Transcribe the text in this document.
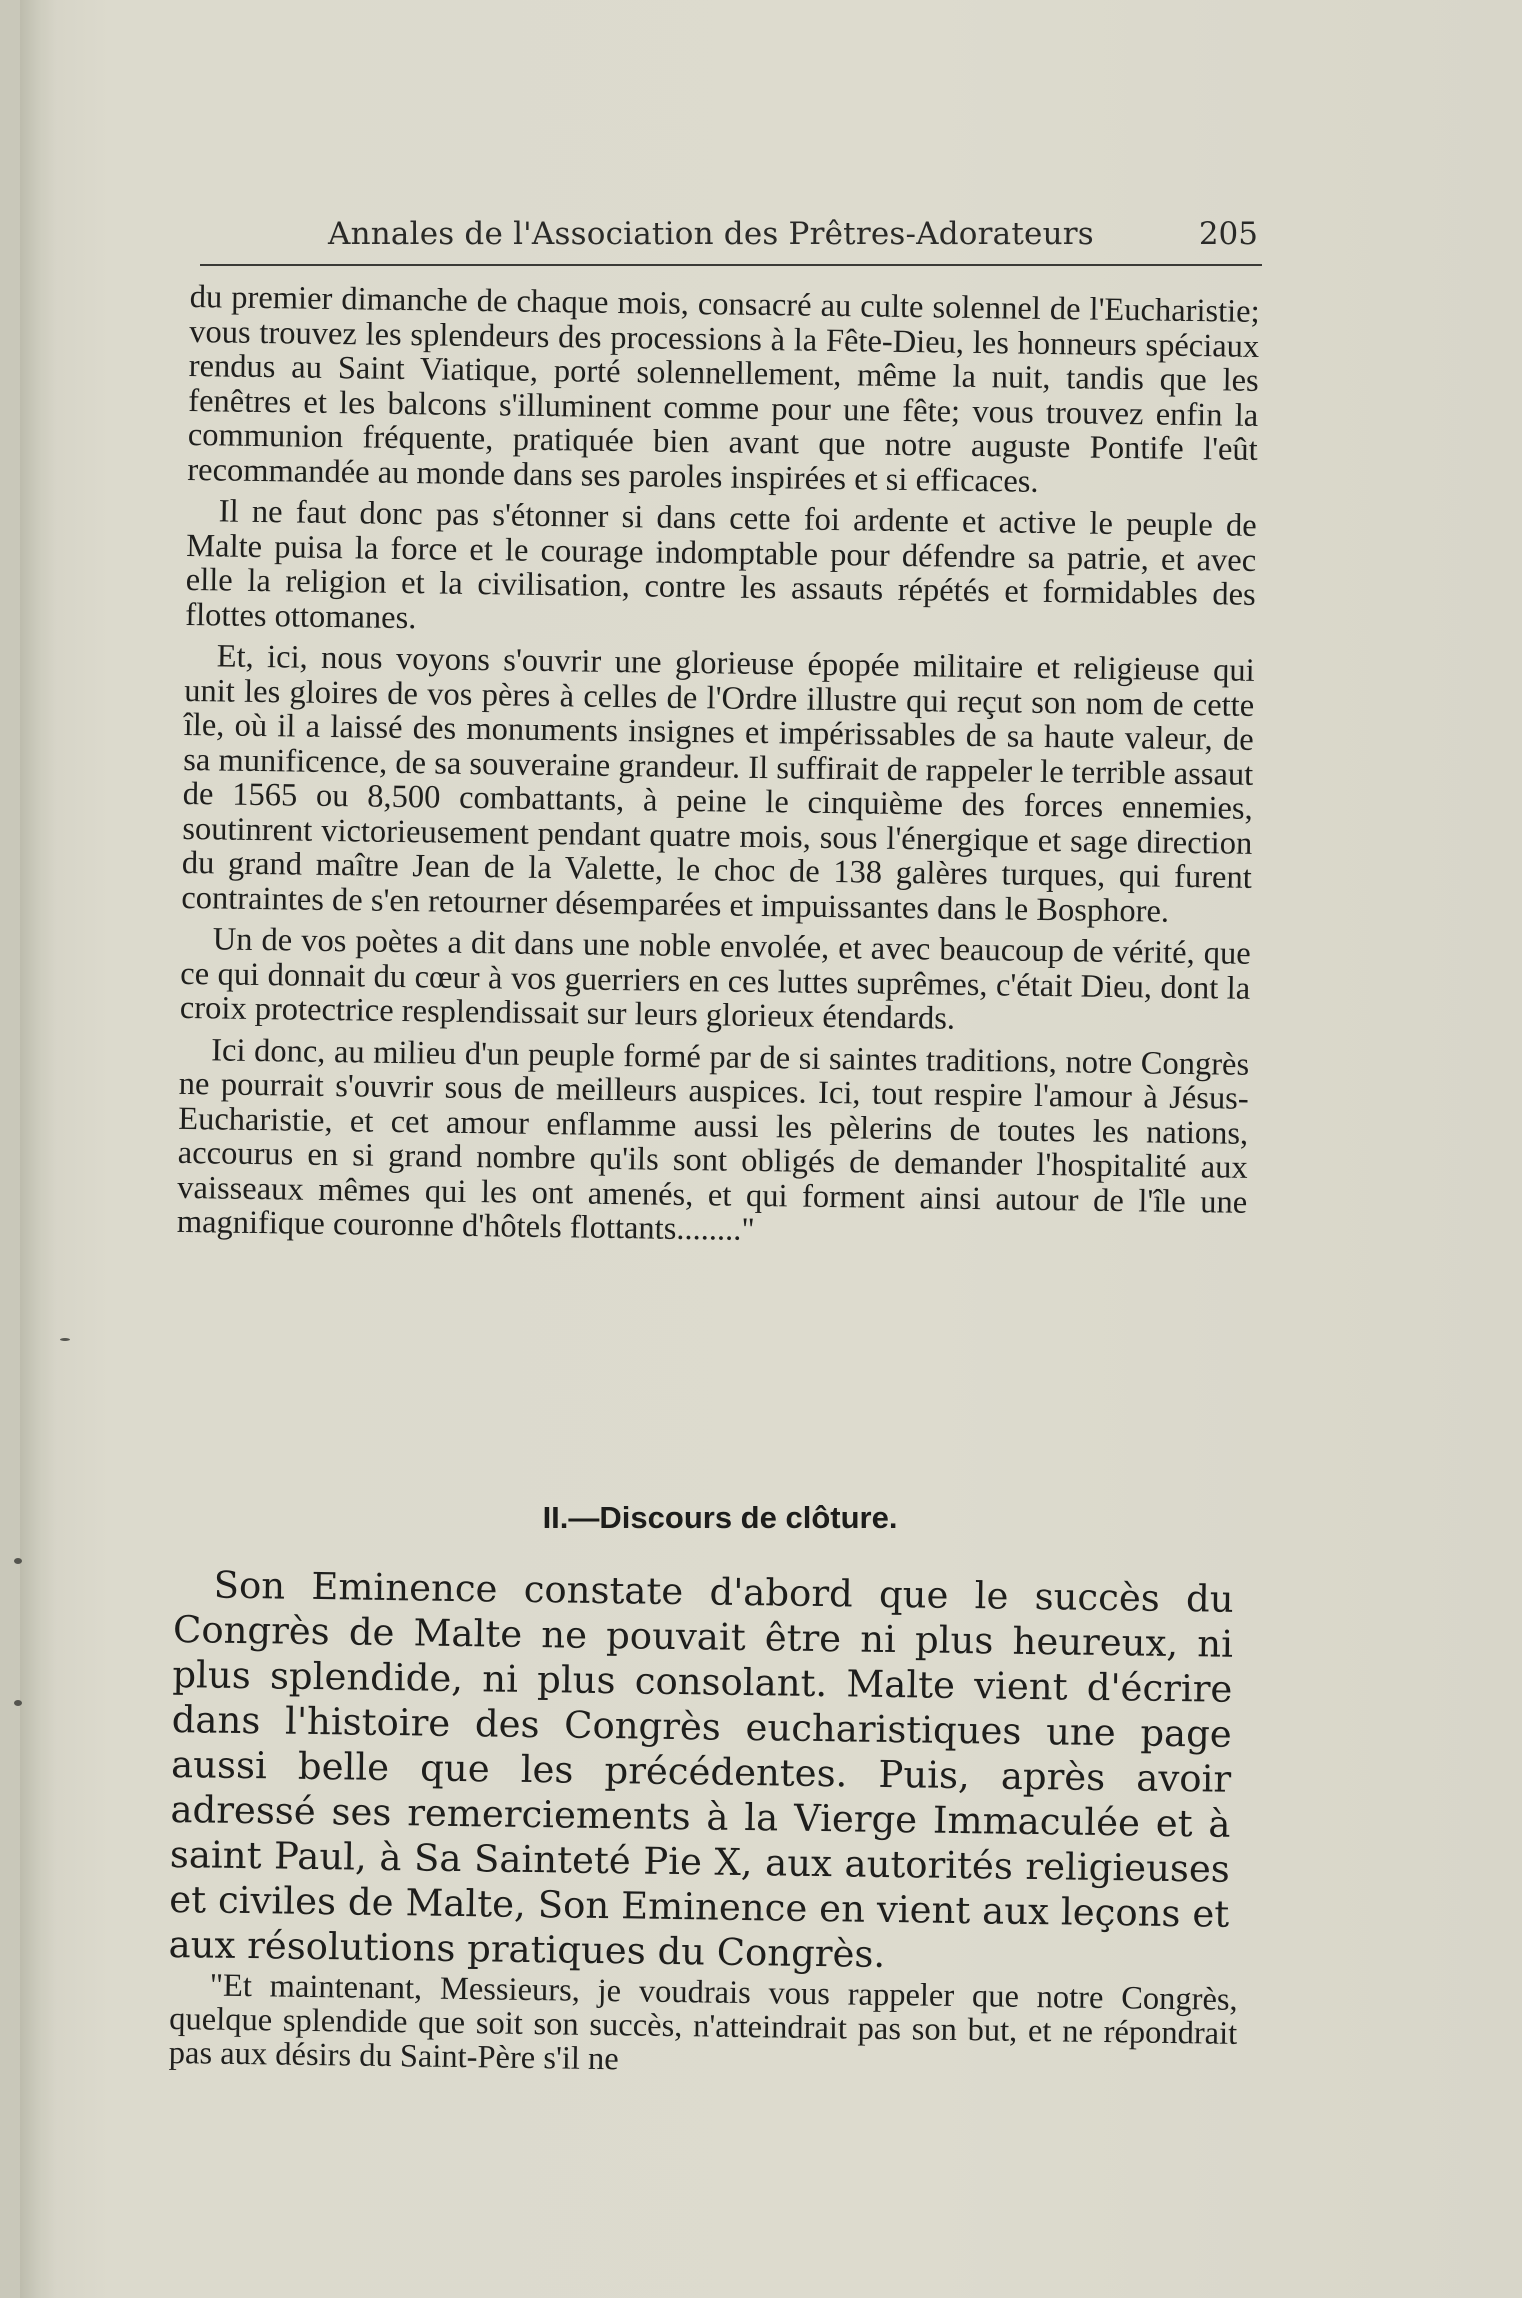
Annales de l'Association des Prêtres-Adorateurs	205

du premier dimanche de chaque mois, consacré au culte solennel de l'Eucharistie; vous trouvez les splendeurs des processions à la Fête-Dieu, les honneurs spéciaux rendus au Saint Viatique, porté solennellement, même la nuit, tandis que les fenêtres et les balcons s'illuminent comme pour une fête; vous trouvez enfin la communion fréquente, pratiquée bien avant que notre auguste Pontife l'eût recommandée au monde dans ses paroles inspirées et si efficaces.

Il ne faut donc pas s'étonner si dans cette foi ardente et active le peuple de Malte puisa la force et le courage indomptable pour défendre sa patrie, et avec elle la religion et la civilisation, contre les assauts répétés et formidables des flottes ottomanes.

Et, ici, nous voyons s'ouvrir une glorieuse épopée militaire et religieuse qui unit les gloires de vos pères à celles de l'Ordre illustre qui reçut son nom de cette île, où il a laissé des monuments insignes et impérissables de sa haute valeur, de sa munificence, de sa souveraine grandeur. Il suffirait de rappeler le terrible assaut de 1565 ou 8,500 combattants, à peine le cinquième des forces ennemies, soutinrent victorieusement pendant quatre mois, sous l'énergique et sage direction du grand maître Jean de la Valette, le choc de 138 galères turques, qui furent contraintes de s'en retourner désemparées et impuissantes dans le Bosphore.

Un de vos poètes a dit dans une noble envolée, et avec beaucoup de vérité, que ce qui donnait du cœur à vos guerriers en ces luttes suprêmes, c'était Dieu, dont la croix protectrice resplendissait sur leurs glorieux étendards.

Ici donc, au milieu d'un peuple formé par de si saintes traditions, notre Congrès ne pourrait s'ouvrir sous de meilleurs auspices. Ici, tout respire l'amour à Jésus-Eucharistie, et cet amour enflamme aussi les pèlerins de toutes les nations, accourus en si grand nombre qu'ils sont obligés de demander l'hospitalité aux vaisseaux mêmes qui les ont amenés, et qui forment ainsi autour de l'île une magnifique couronne d'hôtels flottants........"

II.—Discours de clôture.

Son Eminence constate d'abord que le succès du Congrès de Malte ne pouvait être ni plus heureux, ni plus splendide, ni plus consolant. Malte vient d'écrire dans l'histoire des Congrès eucharistiques une page aussi belle que les précédentes. Puis, après avoir adressé ses remerciements à la Vierge Immaculée et à saint Paul, à Sa Sainteté Pie X, aux autorités religieuses et civiles de Malte, Son Eminence en vient aux leçons et aux résolutions pratiques du Congrès.

"Et maintenant, Messieurs, je voudrais vous rappeler que notre Congrès, quelque splendide que soit son succès, n'atteindrait pas son but, et ne répondrait pas aux désirs du Saint-Père s'il ne
